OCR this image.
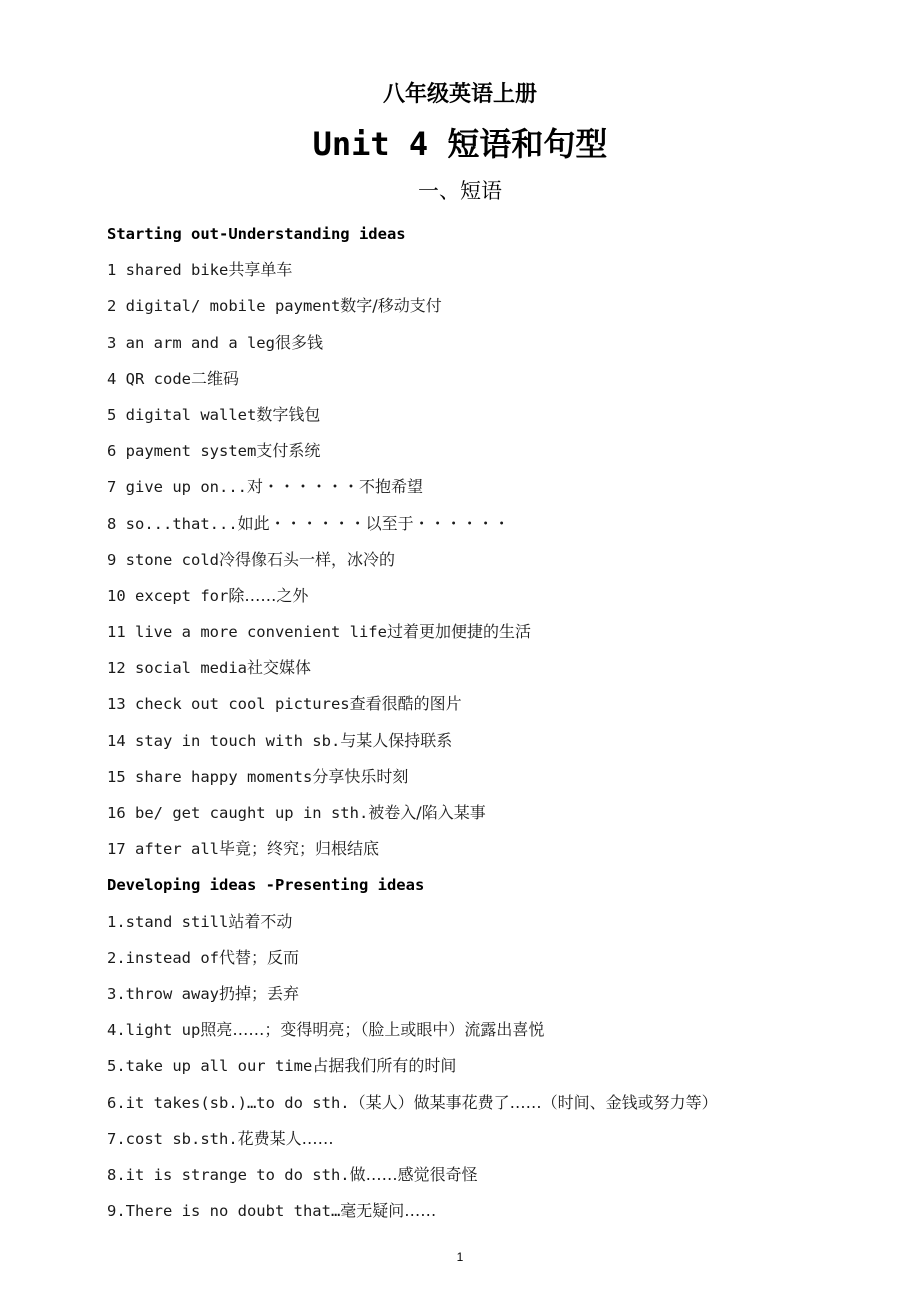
八年级英语上册
Unit 4 短语和句型
一、短语
Starting out-Understanding ideas
1 shared bike共享单车
2 digital/ mobile payment数字/移动支付
3 an arm and a leg很多钱
4 QR code二维码
5 digital wallet数字钱包
6 payment system支付系统
7 give up on...对・・・・・・不抱希望
8 so...that...如此・・・・・・以至于・・・・・・
9 stone cold冷得像石头一样，冰冷的
10 except for除……之外
11 live a more convenient life过着更加便捷的生活
12 social media社交媒体
13 check out cool pictures查看很酷的图片
14 stay in touch with sb.与某人保持联系
15 share happy moments分享快乐时刻
16 be/ get caught up in sth.被卷入/陷入某事
17 after all毕竟；终究；归根结底
Developing ideas -Presenting ideas
1.stand still站着不动
2.instead of代替；反而
3.throw away扔掉；丢弃
4.light up照亮……；变得明亮；（脸上或眼中）流露出喜悦
5.take up all our time占据我们所有的时间
6.it takes(sb.)…to do sth.（某人）做某事花费了……（时间、金钱或努力等）
7.cost sb.sth.花费某人……
8.it is strange to do sth.做……感觉很奇怪
9.There is no doubt that…毫无疑问……
1
